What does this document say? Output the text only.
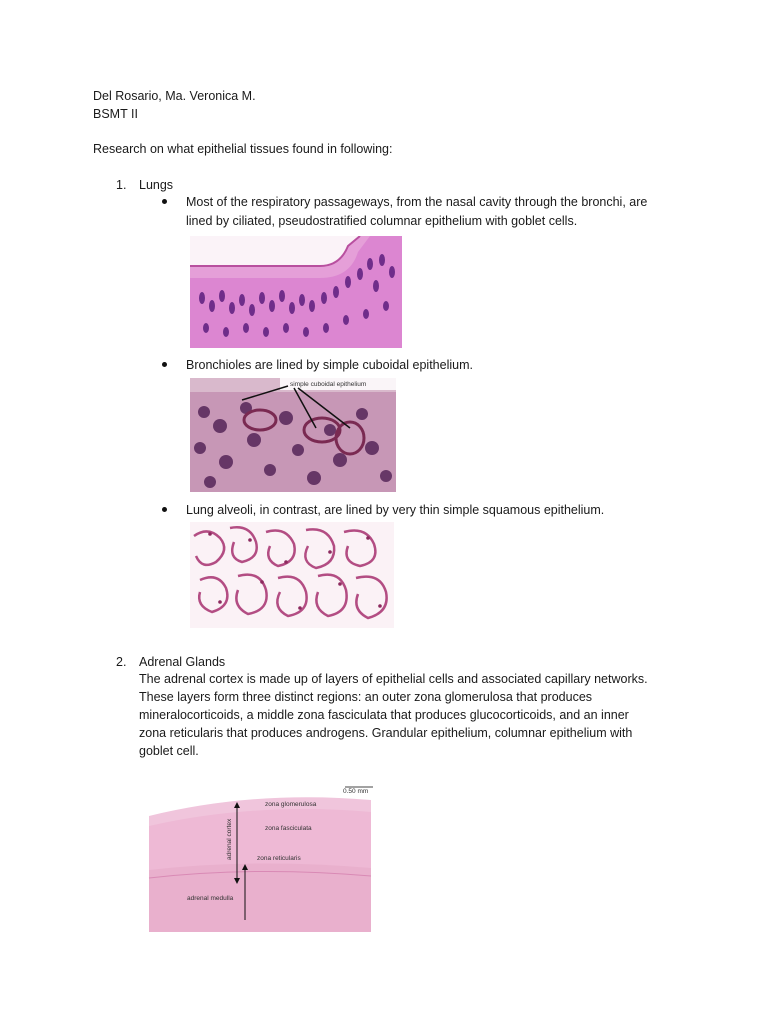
Del Rosario, Ma. Veronica M.
BSMT II
Research on what epithelial tissues found in following:
1. Lungs
Most of the respiratory passageways, from the nasal cavity through the bronchi, are
lined by ciliated, pseudostratified columnar epithelium with goblet cells.
Bronchioles are lined by simple cuboidal epithelium.
simple cuboidal epithelium
Lung alveoli, in contrast, are lined by very thin simple squamous epithelium.
2. Adrenal Glands
The adrenal cortex is made up of layers of epithelial cells and associated capillary networks.
These layers form three distinct regions: an outer zona glomerulosa that produces
mineralocorticoids, a middle zona fasciculata that produces glucocorticoids, and an inner
zona reticularis that produces androgens. Grandular epithelium, columnar epithelium with
goblet cell.
0.50 mm
adrenal cortex
zona glomerulosa
zona fasciculata
zona reticularis
adrenal medulla
